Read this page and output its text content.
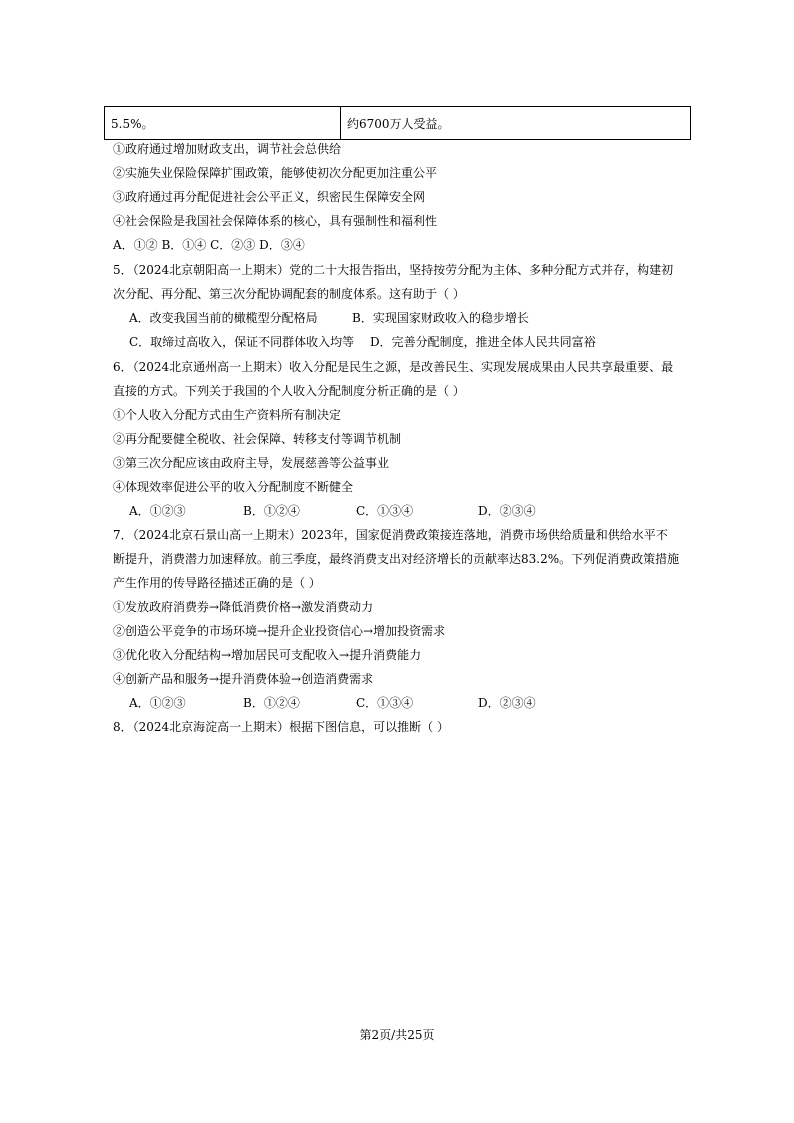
5.5%。	约6700万人受益。
①政府通过增加财政支出，调节社会总供给
②实施失业保险保障扩围政策，能够使初次分配更加注重公平
③政府通过再分配促进社会公平正义，织密民生保障安全网
④社会保险是我国社会保障体系的核心，具有强制性和福利性
A．①② B．①④ C．②③ D．③④
5．（2024北京朝阳高一上期末）党的二十大报告指出，坚持按劳分配为主体、多种分配方式并存，构建初
次分配、再分配、第三次分配协调配套的制度体系。这有助于（ ）
A．改变我国当前的橄榄型分配格局	B．实现国家财政收入的稳步增长
C．取缔过高收入，保证不同群体收入均等 D．完善分配制度，推进全体人民共同富裕
6．（2024北京通州高一上期末）收入分配是民生之源，是改善民生、实现发展成果由人民共享最重要、最
直接的方式。下列关于我国的个人收入分配制度分析正确的是（ ）
①个人收入分配方式由生产资料所有制决定
②再分配要健全税收、社会保障、转移支付等调节机制
③第三次分配应该由政府主导，发展慈善等公益事业
④体现效率促进公平的收入分配制度不断健全
A．①②③	B．①②④	C．①③④	D．②③④
7．（2024北京石景山高一上期末）2023年，国家促消费政策接连落地，消费市场供给质量和供给水平不
断提升，消费潜力加速释放。前三季度，最终消费支出对经济增长的贡献率达83.2%。下列促消费政策措施
产生作用的传导路径描述正确的是（ ）
①发放政府消费券→降低消费价格→激发消费动力
②创造公平竞争的市场环境→提升企业投资信心→增加投资需求
③优化收入分配结构→增加居民可支配收入→提升消费能力
④创新产品和服务→提升消费体验→创造消费需求
A．①②③	B．①②④	C．①③④	D．②③④
8．（2024北京海淀高一上期末）根据下图信息，可以推断（ ）
第2页/共25页
